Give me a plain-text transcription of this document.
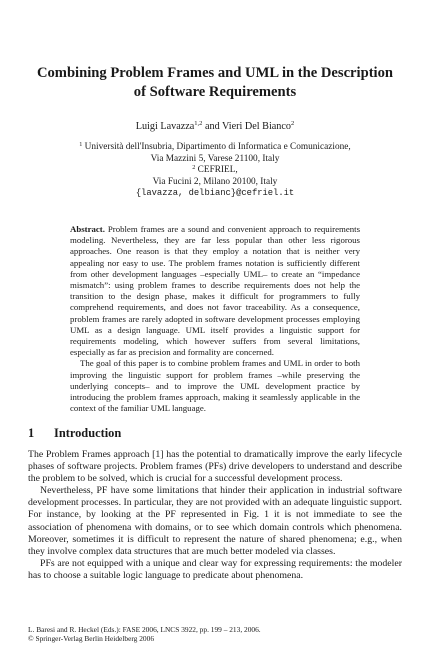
Combining Problem Frames and UML in the Description
of Software Requirements
Luigi Lavazza$^{1,2}$ and Vieri Del Bianco$^2$
$^1$ Università dell'Insubria, Dipartimento di Informatica e Comunicazione,
Via Mazzini 5, Varese 21100, Italy
$^2$ CEFRIEL,
Via Fucini 2, Milano 20100, Italy
{lavazza, delbianc}@cefriel.it

Abstract. Problem frames are a sound and convenient approach to requirements modeling. Nevertheless, they are far less popular than other less rigorous approaches. One reason is that they employ a notation that is neither very appealing nor easy to use. The problem frames notation is sufficiently different from other development languages –especially UML– to create an “impedance mismatch”: using problem frames to describe requirements does not help the transition to the design phase, makes it difficult for programmers to fully comprehend requirements, and does not favor traceability. As a consequence, problem frames are rarely adopted in software development processes employing UML as a design language. UML itself provides a linguistic support for requirements modeling, which however suffers from several limitations, especially as far as precision and formality are concerned.

The goal of this paper is to combine problem frames and UML in order to both improving the linguistic support for problem frames –while preserving the underlying concepts– and to improve the UML development practice by introducing the problem frames approach, making it seamlessly applicable in the context of the familiar UML language.

1 Introduction

The Problem Frames approach [1] has the potential to dramatically improve the early lifecycle phases of software projects. Problem frames (PFs) drive developers to understand and describe the problem to be solved, which is crucial for a successful development process.

Nevertheless, PF have some limitations that hinder their application in industrial software development processes. In particular, they are not provided with an adequate linguistic support. For instance, by looking at the PF represented in Fig. 1 it is not immediate to see the association of phenomena with domains, or to see which domain controls which phenomena. Moreover, sometimes it is difficult to represent the nature of shared phenomena; e.g., when they involve complex data structures that are much better modeled via classes.

PFs are not equipped with a unique and clear way for expressing requirements: the modeler has to choose a suitable logic language to predicate about phenomena.

L. Baresi and R. Heckel (Eds.): FASE 2006, LNCS 3922, pp. 199 – 213, 2006.
© Springer-Verlag Berlin Heidelberg 2006
